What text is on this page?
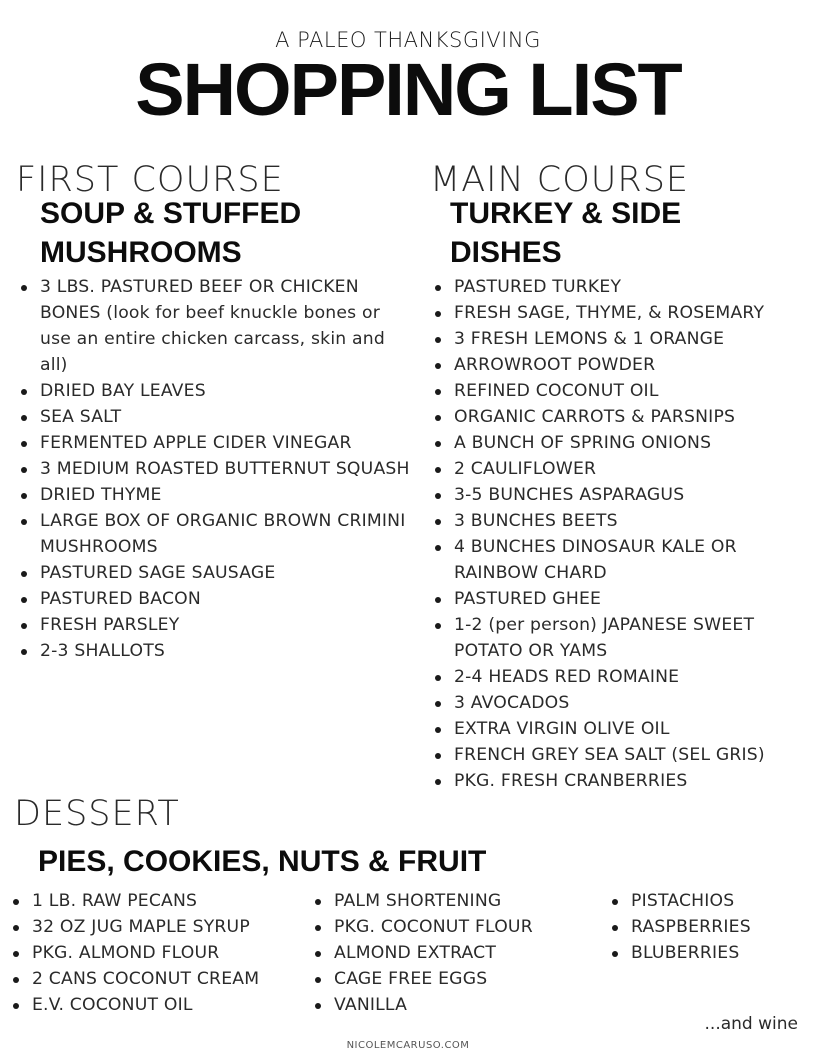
A PALEO THANKSGIVING
SHOPPING LIST
FIRST COURSE
SOUP & STUFFED MUSHROOMS
3 LBS. PASTURED BEEF OR CHICKEN BONES (look for beef knuckle bones or use an entire chicken carcass, skin and all)
DRIED BAY LEAVES
SEA SALT
FERMENTED APPLE CIDER VINEGAR
3 MEDIUM ROASTED BUTTERNUT SQUASH
DRIED THYME
LARGE BOX OF ORGANIC BROWN CRIMINI MUSHROOMS
PASTURED SAGE SAUSAGE
PASTURED BACON
FRESH PARSLEY
2-3 SHALLOTS
MAIN COURSE
TURKEY & SIDE DISHES
PASTURED TURKEY
FRESH SAGE, THYME, & ROSEMARY
3 FRESH LEMONS & 1 ORANGE
ARROWROOT POWDER
REFINED COCONUT OIL
ORGANIC CARROTS & PARSNIPS
A BUNCH OF SPRING ONIONS
2 CAULIFLOWER
3-5 BUNCHES ASPARAGUS
3 BUNCHES BEETS
4 BUNCHES DINOSAUR KALE OR RAINBOW CHARD
PASTURED GHEE
1-2 (per person) JAPANESE SWEET POTATO OR YAMS
2-4 HEADS RED ROMAINE
3 AVOCADOS
EXTRA VIRGIN OLIVE OIL
FRENCH GREY SEA SALT (SEL GRIS)
PKG. FRESH CRANBERRIES
DESSERT
PIES, COOKIES, NUTS & FRUIT
1 LB. RAW PECANS
32 OZ JUG MAPLE SYRUP
PKG. ALMOND FLOUR
2 CANS COCONUT CREAM
E.V. COCONUT OIL
PALM SHORTENING
PKG. COCONUT FLOUR
ALMOND EXTRACT
CAGE FREE EGGS
VANILLA
PISTACHIOS
RASPBERRIES
BLUBERRIES
...and wine
NICOLEMCARUSO.COM
